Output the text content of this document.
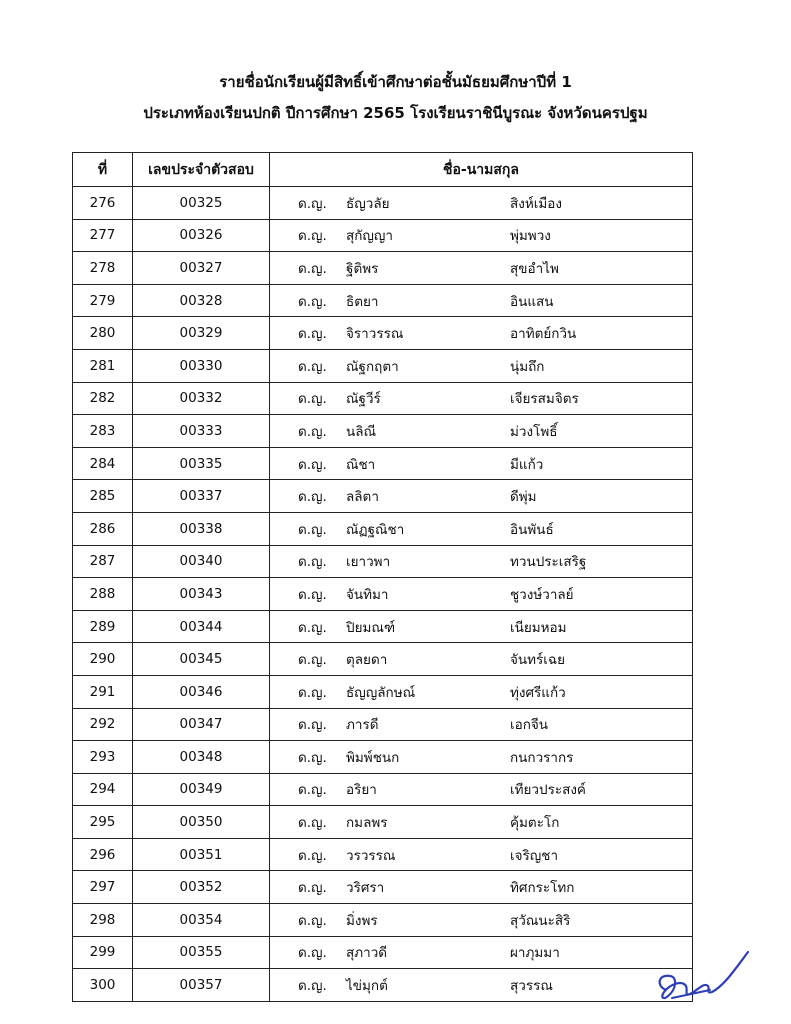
รายชื่อนักเรียนผู้มีสิทธิ์เข้าศึกษาต่อชั้นมัธยมศึกษาปีที่ 1
ประเภทห้องเรียนปกติ ปีการศึกษา 2565 โรงเรียนราชินีบูรณะ จังหวัดนครปฐม
ที่	เลขประจำตัวสอบ	ชื่อ-นามสกุล
276	00325	ด.ญ. ธัญวลัย สิงห์เมือง

277	00326	ด.ญ. สุกัญญา พุ่มพวง

278	00327	ด.ญ. ฐิติพร สุขอำไพ

279	00328	ด.ญ. ธิตยา อินแสน

280	00329	ด.ญ. จิราวรรณ อาทิตย์กวิน

281	00330	ด.ญ. ณัฐกฤตา นุ่มถึก

282	00332	ด.ญ. ณัฐวีร์ เจียรสมจิตร

283	00333	ด.ญ. นลิณี ม่วงโพธิ์

284	00335	ด.ญ. ณิชา มีแก้ว

285	00337	ด.ญ. ลลิตา ดีพุ่ม

286	00338	ด.ญ. ณัฏฐณิชา อินพันธ์

287	00340	ด.ญ. เยาวพา ทวนประเสริฐ

288	00343	ด.ญ. จันทิมา ชูวงษ์วาลย์

289	00344	ด.ญ. ปิยมณฑ์ เนียมหอม

290	00345	ด.ญ. ตุลยดา จันทร์เฉย

291	00346	ด.ญ. ธัญญลักษณ์ ทุ่งศรีแก้ว

292	00347	ด.ญ. ภารดี เอกจีน

293	00348	ด.ญ. พิมพ์ชนก กนกวรากร

294	00349	ด.ญ. อริยา เทียวประสงค์

295	00350	ด.ญ. กมลพร คุ้มตะโก

296	00351	ด.ญ. วรวรรณ เจริญชา

297	00352	ด.ญ. วริศรา ทิศกระโทก

298	00354	ด.ญ. มิ่งพร สุวัณนะสิริ

299	00355	ด.ญ. สุภาวดี ผาภุมมา

300	00357	ด.ญ. ไข่มุกต์ สุวรรณ
